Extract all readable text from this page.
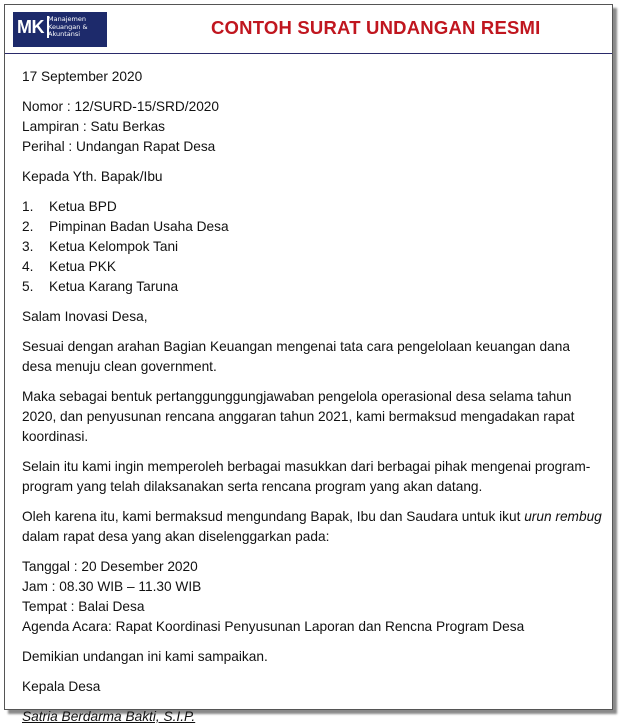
MK Manajemen
Keuangan &
Akuntansi	CONTOH SURAT UNDANGAN RESMI

17 September 2020

Nomor : 12/SURD-15/SRD/2020

Lampiran : Satu Berkas

Perihal : Undangan Rapat Desa

Kepada Yth. Bapak/Ibu

1.	Ketua BPD
2.	Pimpinan Badan Usaha Desa
3.	Ketua Kelompok Tani
4.	Ketua PKK
5.	Ketua Karang Taruna

Salam Inovasi Desa,

Sesuai dengan arahan Bagian Keuangan mengenai tata cara pengelolaan keuangan dana desa menuju clean government.

Maka sebagai bentuk pertanggunggungjawaban pengelola operasional desa selama tahun 2020, dan penyusunan rencana anggaran tahun 2021, kami bermaksud mengadakan rapat koordinasi.

Selain itu kami ingin memperoleh berbagai masukkan dari berbagai pihak mengenai program-program yang telah dilaksanakan serta rencana program yang akan datang.

Oleh karena itu, kami bermaksud mengundang Bapak, Ibu dan Saudara untuk ikut urun rembug dalam rapat desa yang akan diselenggarkan pada:

Tanggal : 20 Desember 2020

Jam : 08.30 WIB – 11.30 WIB

Tempat : Balai Desa

Agenda Acara: Rapat Koordinasi Penyusunan Laporan dan Rencna Program Desa

Demikian undangan ini kami sampaikan.

Kepala Desa

Satria Berdarma Bakti, S.I.P.
